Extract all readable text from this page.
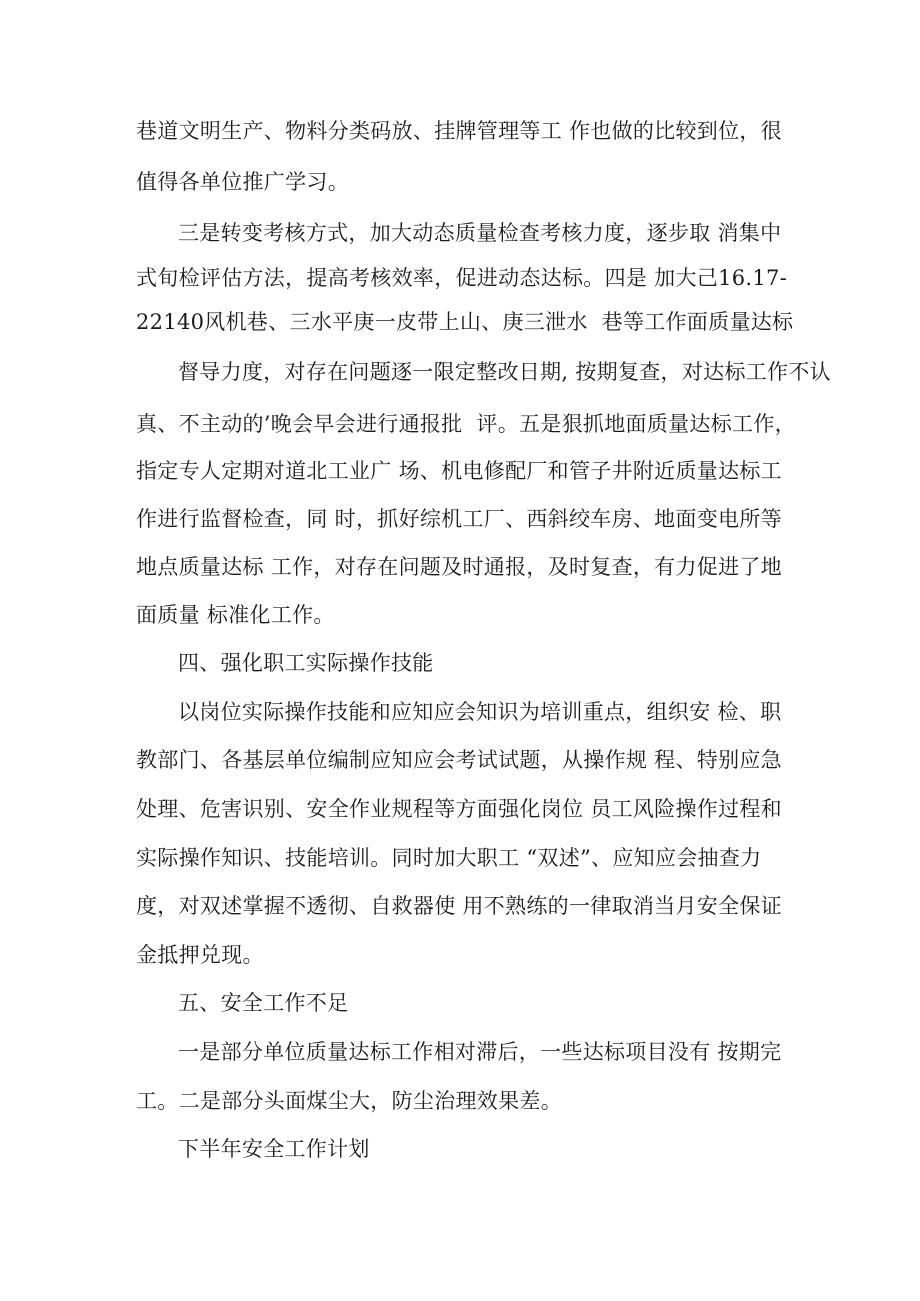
巷道文明生产、物料分类码放、挂牌管理等工 作也做的比较到位，很
值得各单位推广学习。
三是转变考核方式，加大动态质量检查考核力度，逐步取 消集中
式旬检评估方法，提高考核效率，促进动态达标。四是 加大己16.17-
22140风机巷、三水平庚一皮带上山、庚三泄水  巷等工作面质量达标
督导力度，对存在问题逐一限定整改日期, 按期复查，对达标工作不认
真、不主动的’晚会早会进行通报批  评。五是狠抓地面质量达标工作，
指定专人定期对道北工业广 场、机电修配厂和管子井附近质量达标工
作进行监督检查，同 时，抓好综机工厂、西斜绞车房、地面变电所等
地点质量达标 工作，对存在问题及时通报，及时复查，有力促进了地
面质量 标准化工作。
四、强化职工实际操作技能
以岗位实际操作技能和应知应会知识为培训重点，组织安 检、职
教部门、各基层单位编制应知应会考试试题，从操作规 程、特别应急
处理、危害识别、安全作业规程等方面强化岗位 员工风险操作过程和
实际操作知识、技能培训。同时加大职工 “双述”、应知应会抽查力
度，对双述掌握不透彻、自救器使 用不熟练的一律取消当月安全保证
金抵押兑现。
五、安全工作不足
一是部分单位质量达标工作相对滞后，一些达标项目没有 按期完
工。二是部分头面煤尘大，防尘治理效果差。
下半年安全工作计划
